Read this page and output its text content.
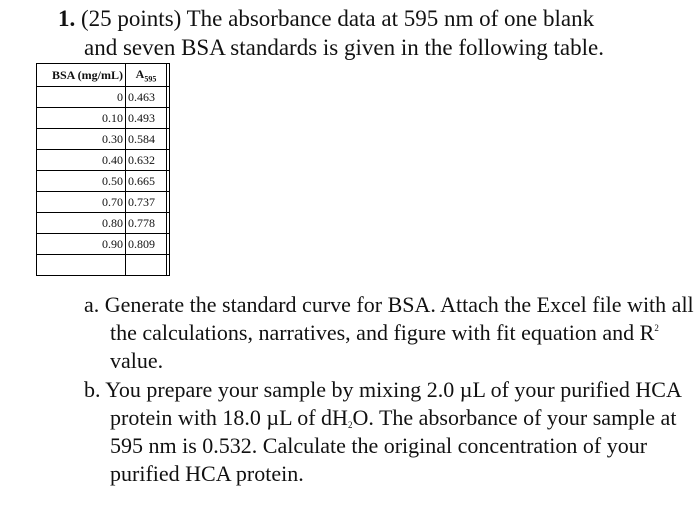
1. (25 points) The absorbance data at 595 nm of one blank
and seven BSA standards is given in the following table.
BSA (mg/mL)	$A_{595}$	
0	0.463	
0.10	0.493	
0.30	0.584	
0.40	0.632	
0.50	0.665	
0.70	0.737	
0.80	0.778	
0.90	0.809	

a. Generate the standard curve for BSA. Attach the Excel file with all the calculations, narratives, and figure with fit equation and $R^2$ value.
b. You prepare your sample by mixing 2.0 µL of your purified HCA protein with 18.0 µL of $dH_2O$. The absorbance of your sample at 595 nm is 0.532. Calculate the original concentration of your purified HCA protein.
